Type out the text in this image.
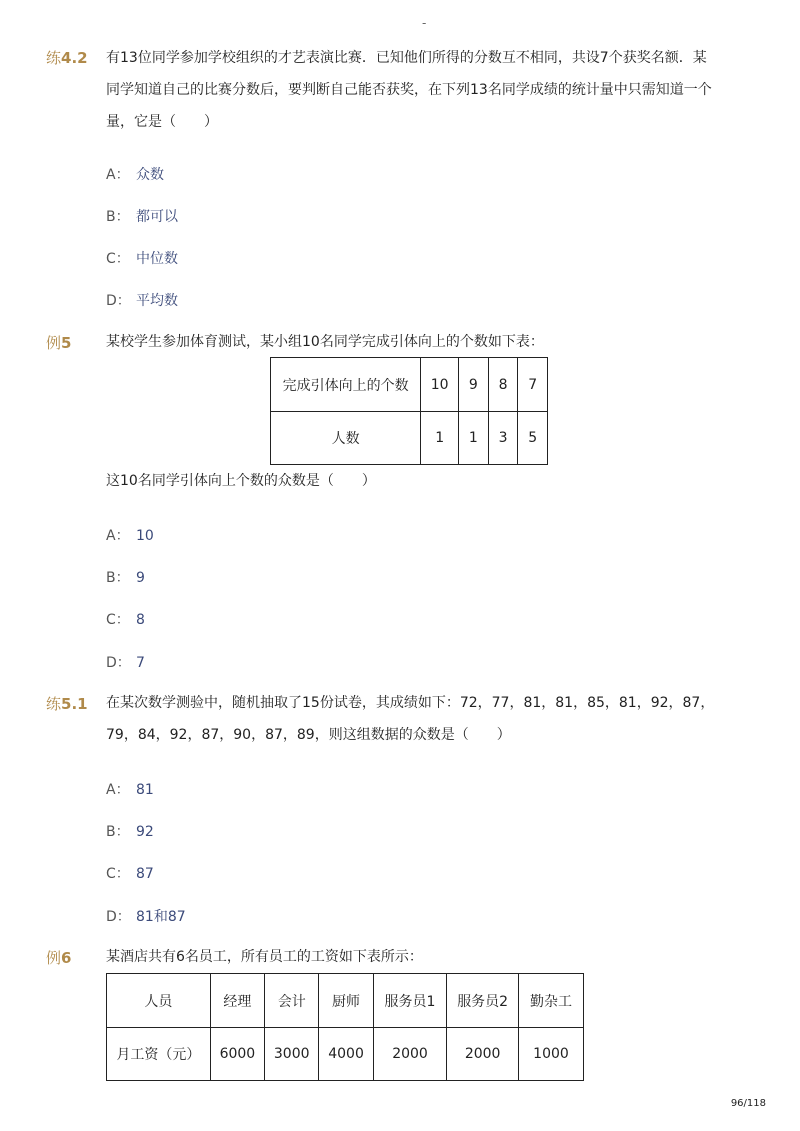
-
练4.2 有13位同学参加学校组织的才艺表演比赛．已知他们所得的分数互不相同，共设7个获奖名额．某同学知道自己的比赛分数后，要判断自己能否获奖，在下列13名同学成绩的统计量中只需知道一个量，它是（　　）
A： 众数
B： 都可以
C： 中位数
D： 平均数
例5 某校学生参加体育测试，某小组10名同学完成引体向上的个数如下表：
完成引体向上的个数	10	9	8	7
人数	1	1	3	5
这10名同学引体向上个数的众数是（　　）
A： 10
B： 9
C： 8
D： 7
练5.1 在某次数学测验中，随机抽取了15份试卷，其成绩如下：72，77，81，81，85，81，92，87，79，84，92，87，90，87，89，则这组数据的众数是（　　）
A： 81
B： 92
C： 87
D： 81和87
例6 某酒店共有6名员工，所有员工的工资如下表所示：
人员	经理	会计	厨师	服务员1	服务员2	勤杂工
月工资（元）	6000	3000	4000	2000	2000	1000
96/118
